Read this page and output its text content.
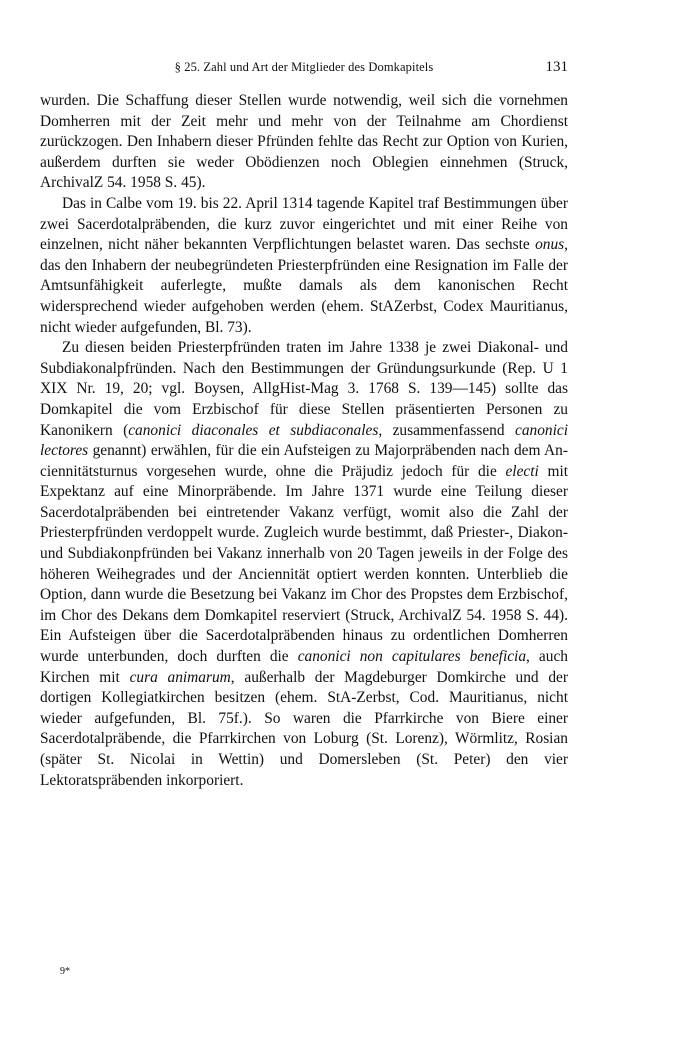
§ 25. Zahl und Art der Mitglieder des Domkapitels	131

wurden. Die Schaffung dieser Stellen wurde notwendig, weil sich die vornehmen Domherren mit der Zeit mehr und mehr von der Teilnahme am Chordienst zurückzogen. Den Inhabern dieser Pfründen fehlte das Recht zur Option von Kurien, außerdem durften sie weder Obödienzen noch Oblegien einnehmen (Struck, ArchivalZ 54. 1958 S. 45).

Das in Calbe vom 19. bis 22. April 1314 tagende Kapitel traf Bestimmungen über zwei Sacerdotalpräbenden, die kurz zuvor eingerichtet und mit einer Reihe von einzelnen, nicht näher bekannten Verpflichtungen belastet waren. Das sechste onus, das den Inhabern der neubegründeten Priesterpfründen eine Resignation im Falle der Amtsunfähigkeit auferlegte, mußte damals als dem kanonischen Recht widersprechend wieder aufgehoben werden (ehem. StAZerbst, Codex Mauritianus, nicht wieder aufgefunden, Bl. 73).

Zu diesen beiden Priesterpfründen traten im Jahre 1338 je zwei Diakonal- und Subdiakonalpfründen. Nach den Bestimmungen der Gründungsurkunde (Rep. U 1 XIX Nr. 19, 20; vgl. Boysen, AllgHist-Mag 3. 1768 S. 139—145) sollte das Domkapitel die vom Erzbischof für diese Stellen präsentierten Personen zu Kanonikern (canonici diaconales et subdiaconales, zusammenfassend canonici lectores genannt) erwählen, für die ein Aufsteigen zu Majorpräbenden nach dem Anciennitätsturnus vorgesehen wurde, ohne die Präjudiz jedoch für die electi mit Expektanz auf eine Minorpräbende. Im Jahre 1371 wurde eine Teilung dieser Sacerdotalpräbenden bei eintretender Vakanz verfügt, womit also die Zahl der Priesterpfründen verdoppelt wurde. Zugleich wurde bestimmt, daß Priester-, Diakon- und Subdiakonpfründen bei Vakanz innerhalb von 20 Tagen jeweils in der Folge des höheren Weihegrades und der Anciennität optiert werden konnten. Unterblieb die Option, dann wurde die Besetzung bei Vakanz im Chor des Propstes dem Erzbischof, im Chor des Dekans dem Domkapitel reserviert (Struck, ArchivalZ 54. 1958 S. 44). Ein Aufsteigen über die Sacerdotalpräbenden hinaus zu ordentlichen Domherren wurde unterbunden, doch durften die canonici non capitulares beneficia, auch Kirchen mit cura animarum, außerhalb der Magdeburger Domkirche und der dortigen Kollegiatkirchen besitzen (ehem. StA-Zerbst, Cod. Mauritianus, nicht wieder aufgefunden, Bl. 75f.). So waren die Pfarrkirche von Biere einer Sacerdotalpräbende, die Pfarrkirchen von Loburg (St. Lorenz), Wörmlitz, Rosian (später St. Nicolai in Wettin) und Domersleben (St. Peter) den vier Lektoratspräbenden inkorporiert.

9*
